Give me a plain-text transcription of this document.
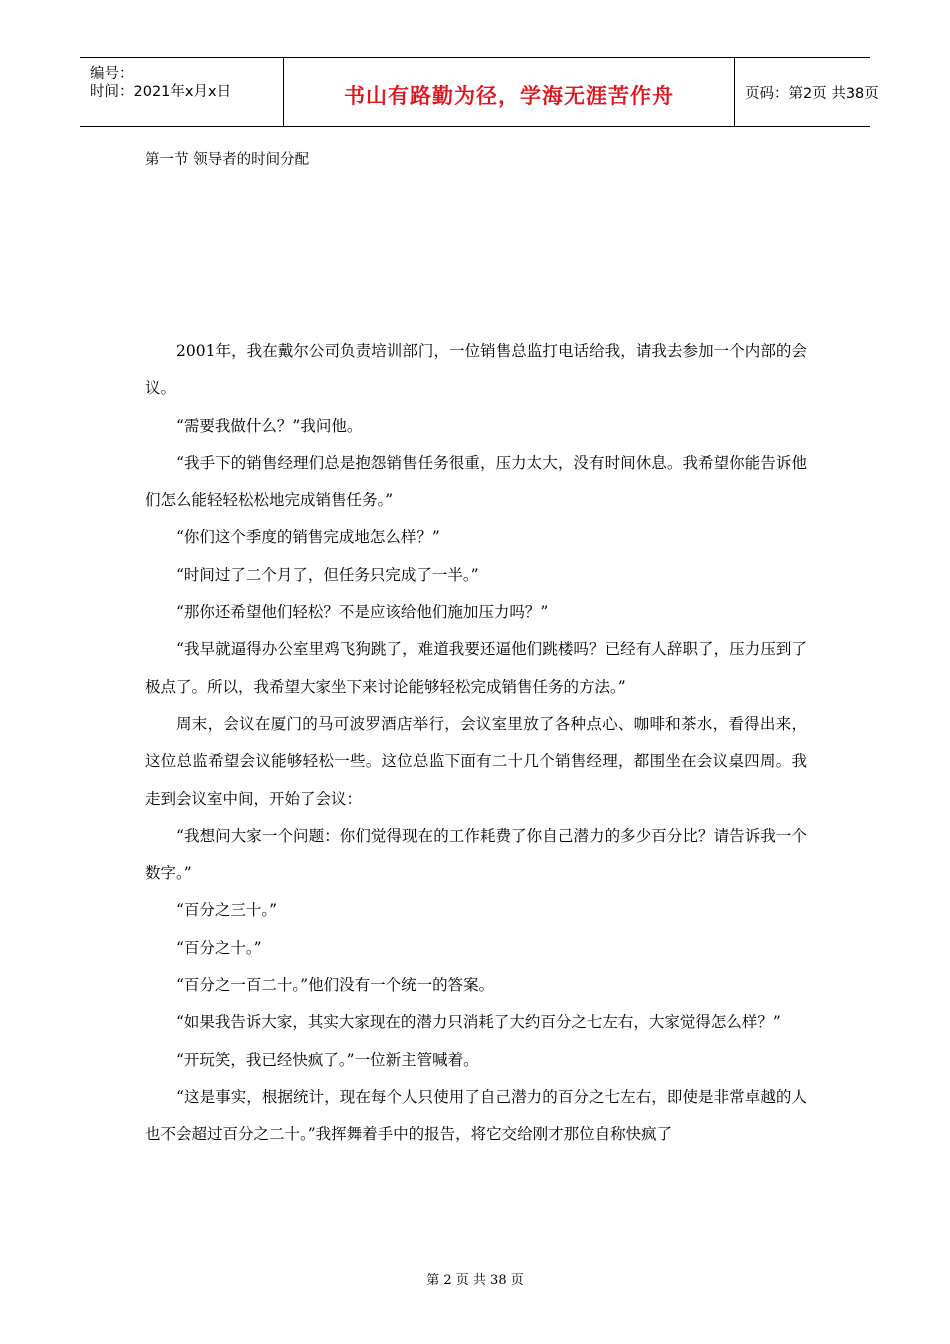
编号：
时间：2021年x月x日	书山有路勤为径，学海无涯苦作舟	页码：第2页 共38页
第一节 领导者的时间分配

2001年，我在戴尔公司负责培训部门，一位销售总监打电话给我，请我去参加一个内部的会议。

“需要我做什么？”我问他。

“我手下的销售经理们总是抱怨销售任务很重，压力太大，没有时间休息。我希望你能告诉他们怎么能轻轻松松地完成销售任务。”

“你们这个季度的销售完成地怎么样？”

“时间过了二个月了，但任务只完成了一半。”

“那你还希望他们轻松？不是应该给他们施加压力吗？”

“我早就逼得办公室里鸡飞狗跳了，难道我要还逼他们跳楼吗？已经有人辞职了，压力压到了极点了。所以，我希望大家坐下来讨论能够轻松完成销售任务的方法。”

周末，会议在厦门的马可波罗酒店举行，会议室里放了各种点心、咖啡和茶水，看得出来，这位总监希望会议能够轻松一些。这位总监下面有二十几个销售经理，都围坐在会议桌四周。我走到会议室中间，开始了会议：

“我想问大家一个问题：你们觉得现在的工作耗费了你自己潜力的多少百分比？请告诉我一个数字。”

“百分之三十。”

“百分之十。”

“百分之一百二十。”他们没有一个统一的答案。

“如果我告诉大家，其实大家现在的潜力只消耗了大约百分之七左右，大家觉得怎么样？”

“开玩笑，我已经快疯了。”一位新主管喊着。

“这是事实，根据统计，现在每个人只使用了自己潜力的百分之七左右，即使是非常卓越的人也不会超过百分之二十。”我挥舞着手中的报告，将它交给刚才那位自称快疯了

第 2 页 共 38 页
